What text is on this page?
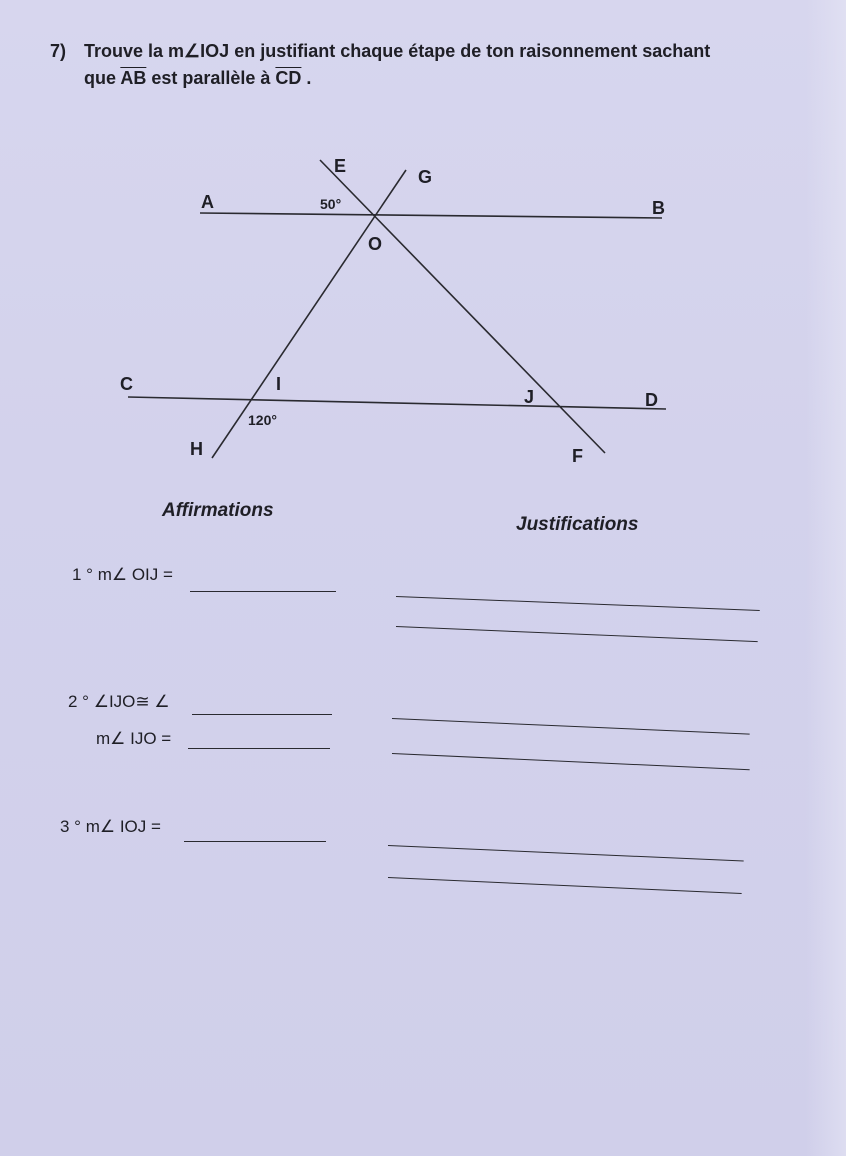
7) Trouve la m∠IOJ en justifiant chaque étape de ton raisonnement sachant
que $\overline{AB}$ est parallèle à $\overline{CD}$ .
A	B
C
D
E
F
G
H
I
J
O
50°
120°
Affirmations
Justifications
1 ° m∠ OIJ =
2 ° ∠IJO≅ ∠
m∠ IJO =
3 ° m∠ IOJ =
